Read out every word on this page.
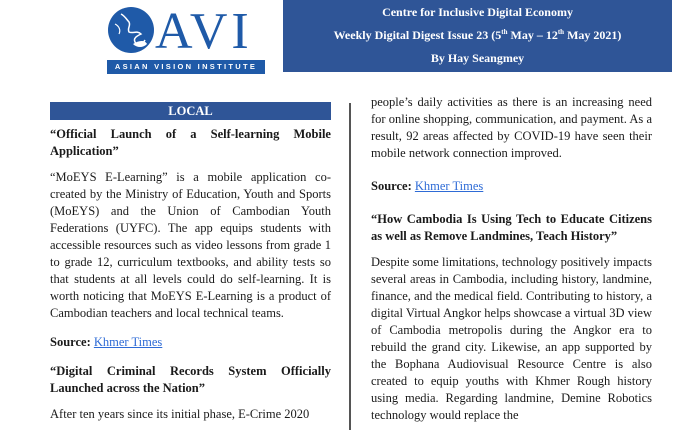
AVI
ASIAN VISION INSTITUTE
Centre for Inclusive Digital Economy
Weekly Digital Digest Issue 23 (5th May – 12th May 2021)
By Hay Seangmey
LOCAL
“Official Launch of a Self-learning Mobile Application”
“MoEYS E-Learning” is a mobile application co-created by the Ministry of Education, Youth and Sports (MoEYS) and the Union of Cambodian Youth Federations (UYFC). The app equips students with accessible resources such as video lessons from grade 1 to grade 12, curriculum textbooks, and ability tests so that students at all levels could do self-learning. It is worth noticing that MoEYS E-Learning is a product of Cambodian teachers and local technical teams.
Source: Khmer Times
“Digital Criminal Records System Officially Launched across the Nation”
After ten years since its initial phase, E-Crime 2020
people’s daily activities as there is an increasing need for online shopping, communication, and payment. As a result, 92 areas affected by COVID-19 have seen their mobile network connection improved.
Source: Khmer Times
“How Cambodia Is Using Tech to Educate Citizens as well as Remove Landmines, Teach History”
Despite some limitations, technology positively impacts several areas in Cambodia, including history, landmine, finance, and the medical field. Contributing to history, a digital Virtual Angkor helps showcase a virtual 3D view of Cambodia metropolis during the Angkor era to rebuild the grand city. Likewise, an app supported by the Bophana Audiovisual Resource Centre is also created to equip youths with Khmer Rough history using media. Regarding landmine, Demine Robotics technology would replace the
